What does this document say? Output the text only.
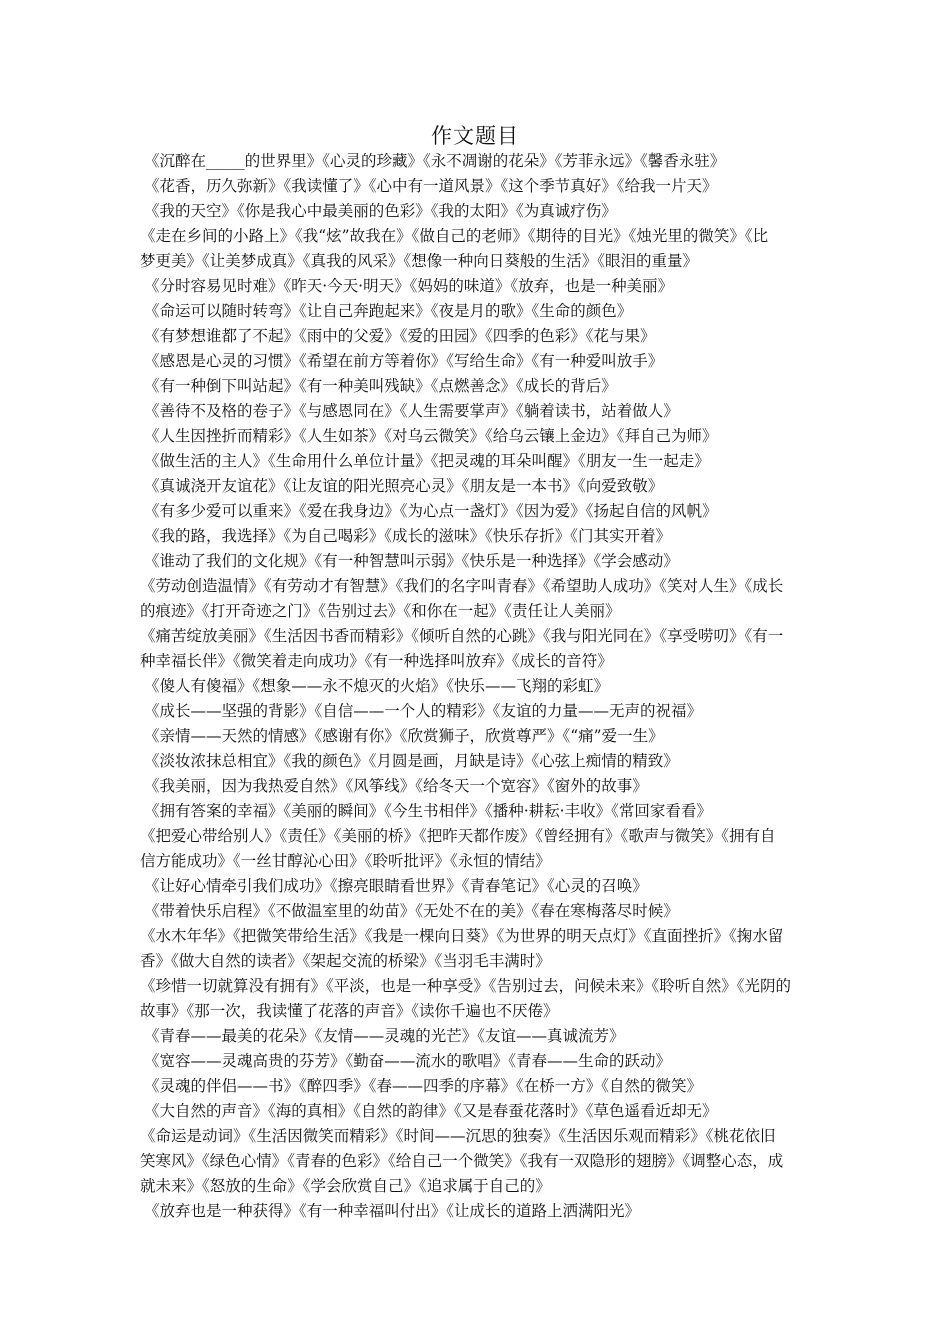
作文题目
《沉醉在_____的世界里》《心灵的珍藏》《永不凋谢的花朵》《芳菲永远》《馨香永驻》
《花香，历久弥新》《我读懂了》《心中有一道风景》《这个季节真好》《给我一片天》
《我的天空》《你是我心中最美丽的色彩》《我的太阳》《为真诚疗伤》
《走在乡间的小路上》《我“炫”故我在》《做自己的老师》《期待的目光》《烛光里的微笑》《比
梦更美》《让美梦成真》《真我的风采》《想像一种向日葵般的生活》《眼泪的重量》
《分时容易见时难》《昨天·今天·明天》《妈妈的味道》《放弃，也是一种美丽》
《命运可以随时转弯》《让自己奔跑起来》《夜是月的歌》《生命的颜色》
《有梦想谁都了不起》《雨中的父爱》《爱的田园》《四季的色彩》《花与果》
《感恩是心灵的习惯》《希望在前方等着你》《写给生命》《有一种爱叫放手》
《有一种倒下叫站起》《有一种美叫残缺》《点燃善念》《成长的背后》
《善待不及格的卷子》《与感恩同在》《人生需要掌声》《躺着读书，站着做人》
《人生因挫折而精彩》《人生如茶》《对乌云微笑》《给乌云镶上金边》《拜自己为师》
《做生活的主人》《生命用什么单位计量》《把灵魂的耳朵叫醒》《朋友一生一起走》
《真诚浇开友谊花》《让友谊的阳光照亮心灵》《朋友是一本书》《向爱致敬》
《有多少爱可以重来》《爱在我身边》《为心点一盏灯》《因为爱》《扬起自信的风帆》
《我的路，我选择》《为自己喝彩》《成长的滋味》《快乐存折》《门其实开着》
《谁动了我们的文化规》《有一种智慧叫示弱》《快乐是一种选择》《学会感动》
《劳动创造温情》《有劳动才有智慧》《我们的名字叫青春》《希望助人成功》《笑对人生》《成长
的痕迹》《打开奇迹之门》《告别过去》《和你在一起》《责任让人美丽》
《痛苦绽放美丽》《生活因书香而精彩》《倾听自然的心跳》《我与阳光同在》《享受唠叨》《有一
种幸福长伴》《微笑着走向成功》《有一种选择叫放弃》《成长的音符》
《傻人有傻福》《想象——永不熄灭的火焰》《快乐——飞翔的彩虹》
《成长——坚强的背影》《自信——一个人的精彩》《友谊的力量——无声的祝福》
《亲情——天然的情感》《感谢有你》《欣赏狮子，欣赏尊严》《“痛”爱一生》
《淡妆浓抹总相宜》《我的颜色》《月圆是画，月缺是诗》《心弦上痴情的精致》
《我美丽，因为我热爱自然》《风筝线》《给冬天一个宽容》《窗外的故事》
《拥有答案的幸福》《美丽的瞬间》《今生书相伴》《播种·耕耘·丰收》《常回家看看》
《把爱心带给别人》《责任》《美丽的桥》《把昨天都作废》《曾经拥有》《歌声与微笑》《拥有自
信方能成功》《一丝甘醇沁心田》《聆听批评》《永恒的情结》
《让好心情牵引我们成功》《擦亮眼睛看世界》《青春笔记》《心灵的召唤》
《带着快乐启程》《不做温室里的幼苗》《无处不在的美》《春在寒梅落尽时候》
《水木年华》《把微笑带给生活》《我是一棵向日葵》《为世界的明天点灯》《直面挫折》《掬水留
香》《做大自然的读者》《架起交流的桥梁》《当羽毛丰满时》
《珍惜一切就算没有拥有》《平淡，也是一种享受》《告别过去，问候未来》《聆听自然》《光阴的
故事》《那一次，我读懂了花落的声音》《读你千遍也不厌倦》
《青春——最美的花朵》《友情——灵魂的光芒》《友谊——真诚流芳》
《宽容——灵魂高贵的芬芳》《勤奋——流水的歌唱》《青春——生命的跃动》
《灵魂的伴侣——书》《醉四季》《春——四季的序幕》《在桥一方》《自然的微笑》
《大自然的声音》《海的真相》《自然的韵律》《又是春蚕花落时》《草色遥看近却无》
《命运是动词》《生活因微笑而精彩》《时间——沉思的独奏》《生活因乐观而精彩》《桃花依旧
笑寒风》《绿色心情》《青春的色彩》《给自己一个微笑》《我有一双隐形的翅膀》《调整心态，成
就未来》《怒放的生命》《学会欣赏自己》《追求属于自己的》
《放弃也是一种获得》《有一种幸福叫付出》《让成长的道路上洒满阳光》
